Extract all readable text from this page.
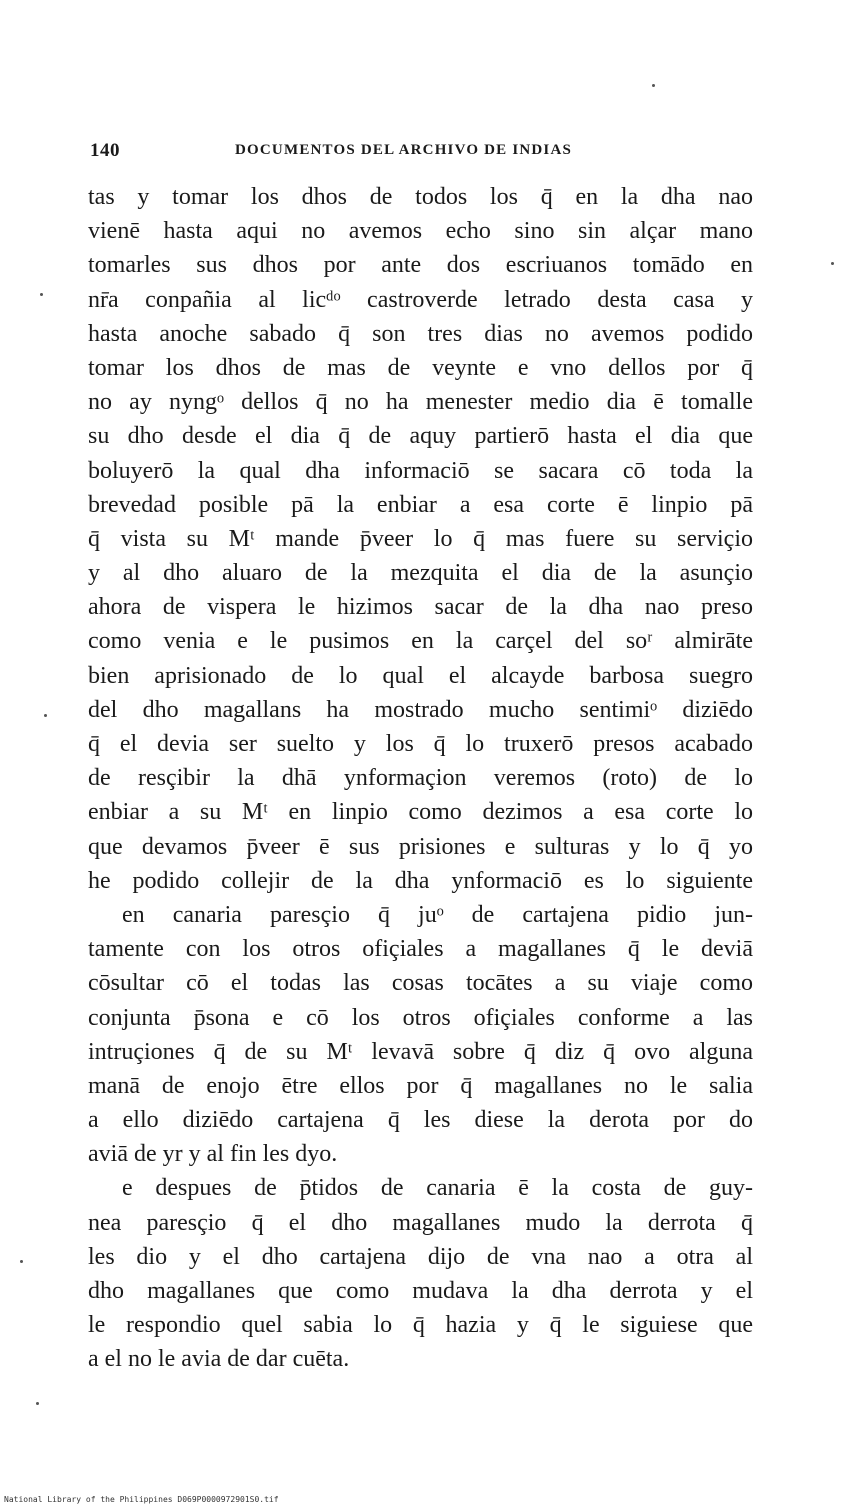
140	DOCUMENTOS DEL ARCHIVO DE INDIAS
tas y tomar los dhos de todos los q̄ en la dha nao
vienē hasta aqui no avemos echo sino sin alçar mano
tomarles sus dhos por ante dos escriuanos tomādo en
nr̄a conpañia al licᵈᵒ castroverde letrado desta casa y
hasta anoche sabado q̄ son tres dias no avemos podido
tomar los dhos de mas de veynte e vno dellos por q̄
no ay nyngᵒ dellos q̄ no ha menester medio dia ē tomalle
su dho desde el dia q̄ de aquy partierō hasta el dia que
boluyerō la qual dha informaciō se sacara cō toda la
brevedad posible pā la enbiar a esa corte ē linpio pā
q̄ vista su Mᵗ mande p̄veer lo q̄ mas fuere su serviçio
y al dho aluaro de la mezquita el dia de la asunçio
ahora de vispera le hizimos sacar de la dha nao preso
como venia e le pusimos en la carçel del soʳ almirāte
bien aprisionado de lo qual el alcayde barbosa suegro
del dho magallans ha mostrado mucho sentimiᵒ diziēdo
q̄ el devia ser suelto y los q̄ lo truxerō presos acabado
de resçibir la dhā ynformaçion veremos (roto) de lo
enbiar a su Mᵗ en linpio como dezimos a esa corte lo
que devamos p̄veer ē sus prisiones e sulturas y lo q̄ yo
he podido collejir de la dha ynformaciō es lo siguiente
en canaria paresçio q̄ juᵒ de cartajena pidio jun-
tamente con los otros ofiçiales a magallanes q̄ le deviā
cōsultar cō el todas las cosas tocātes a su viaje como
conjunta p̄sona e cō los otros ofiçiales conforme a las
intruçiones q̄ de su Mᵗ levavā sobre q̄ diz q̄ ovo alguna
manā de enojo ētre ellos por q̄ magallanes no le salia
a ello diziēdo cartajena q̄ les diese la derota por do
aviā de yr y al fin les dyo.
e despues de p̄tidos de canaria ē la costa de guy-
nea paresçio q̄ el dho magallanes mudo la derrota q̄
les dio y el dho cartajena dijo de vna nao a otra al
dho magallanes que como mudava la dha derrota y el
le respondio quel sabia lo q̄ hazia y q̄ le siguiese que
a el no le avia de dar cuēta.
National Library of the Philippines D069P0000972901S0.tif
